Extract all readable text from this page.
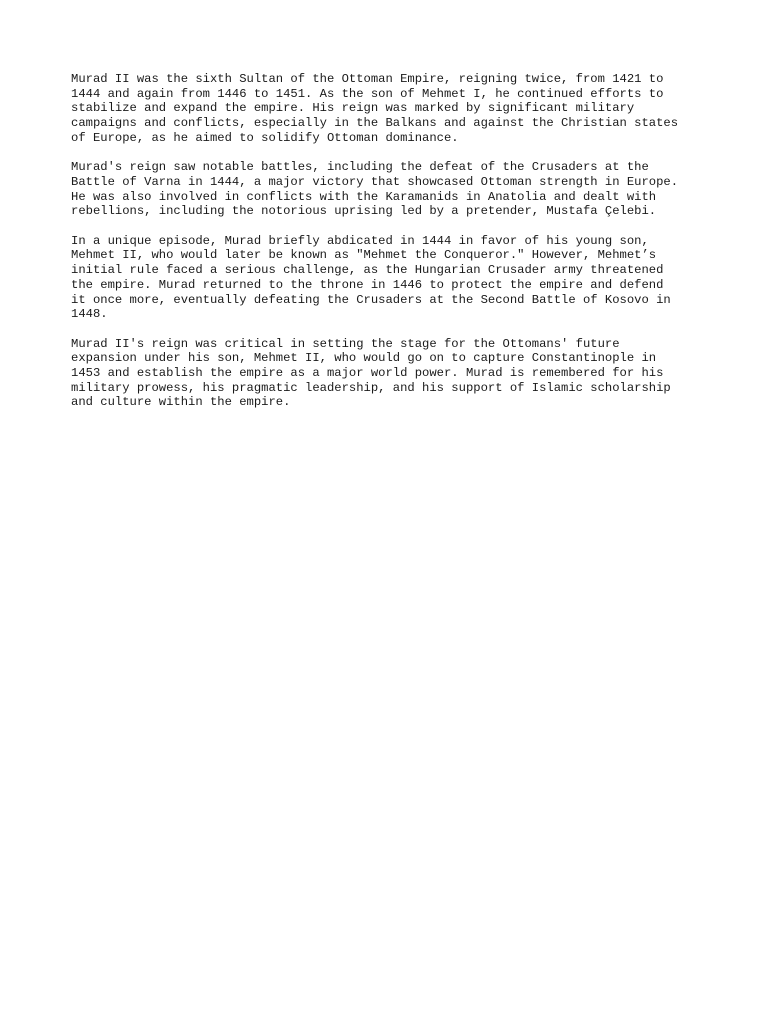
Murad II was the sixth Sultan of the Ottoman Empire, reigning twice, from 1421 to
1444 and again from 1446 to 1451. As the son of Mehmet I, he continued efforts to
stabilize and expand the empire. His reign was marked by significant military
campaigns and conflicts, especially in the Balkans and against the Christian states
of Europe, as he aimed to solidify Ottoman dominance.

Murad's reign saw notable battles, including the defeat of the Crusaders at the
Battle of Varna in 1444, a major victory that showcased Ottoman strength in Europe.
He was also involved in conflicts with the Karamanids in Anatolia and dealt with
rebellions, including the notorious uprising led by a pretender, Mustafa Çelebi.

In a unique episode, Murad briefly abdicated in 1444 in favor of his young son,
Mehmet II, who would later be known as "Mehmet the Conqueror." However, Mehmet’s
initial rule faced a serious challenge, as the Hungarian Crusader army threatened
the empire. Murad returned to the throne in 1446 to protect the empire and defend
it once more, eventually defeating the Crusaders at the Second Battle of Kosovo in
1448.

Murad II's reign was critical in setting the stage for the Ottomans' future
expansion under his son, Mehmet II, who would go on to capture Constantinople in
1453 and establish the empire as a major world power. Murad is remembered for his
military prowess, his pragmatic leadership, and his support of Islamic scholarship
and culture within the empire.
